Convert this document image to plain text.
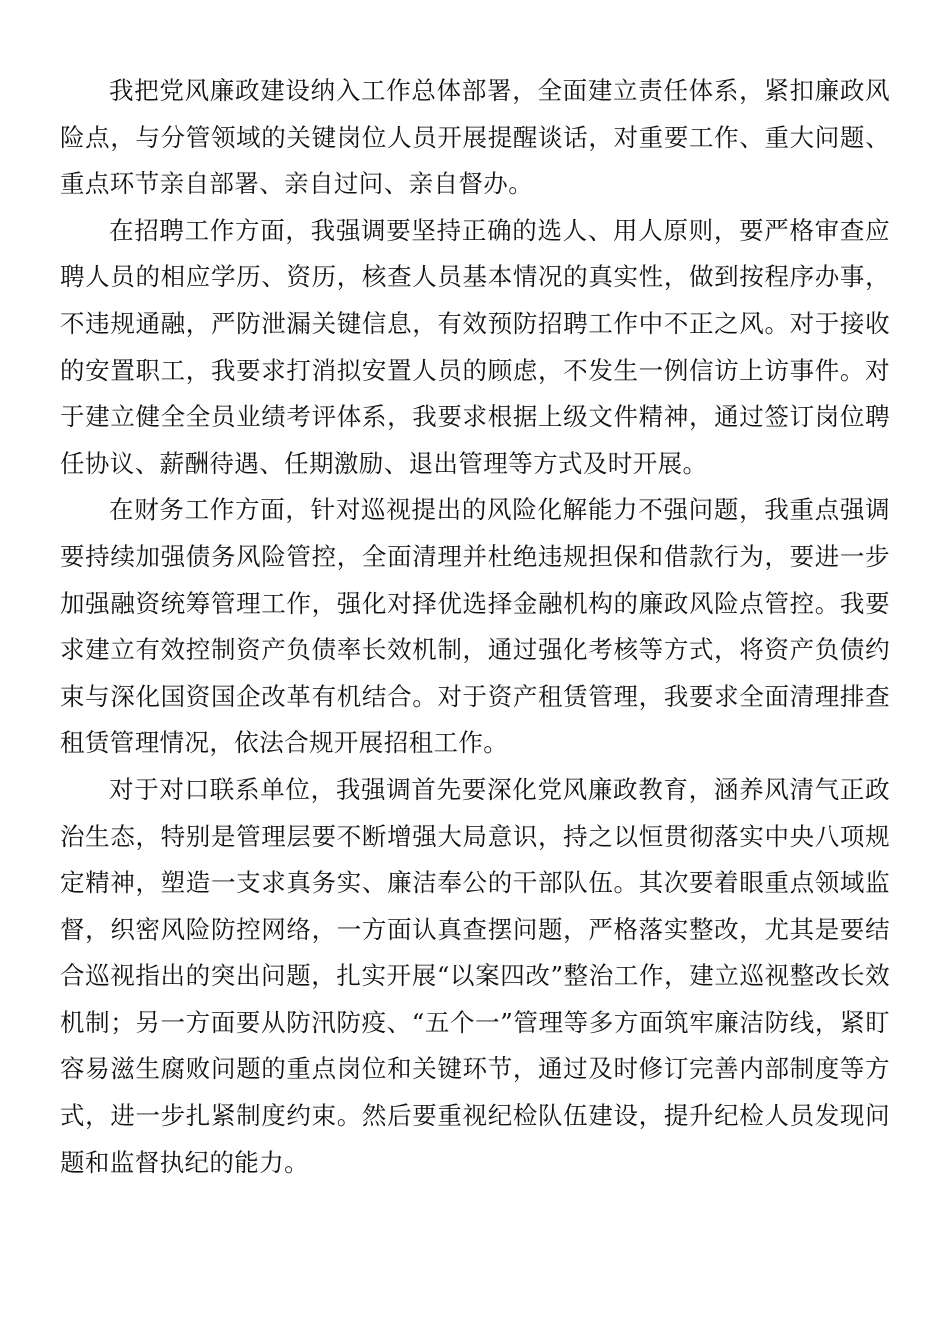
我把党风廉政建设纳入工作总体部署，全面建立责任体系，紧扣廉政风险点，与分管领域的关键岗位人员开展提醒谈话，对重要工作、重大问题、重点环节亲自部署、亲自过问、亲自督办。

在招聘工作方面，我强调要坚持正确的选人、用人原则，要严格审查应聘人员的相应学历、资历，核查人员基本情况的真实性，做到按程序办事，不违规通融，严防泄漏关键信息，有效预防招聘工作中不正之风。对于接收的安置职工，我要求打消拟安置人员的顾虑，不发生一例信访上访事件。对于建立健全全员业绩考评体系，我要求根据上级文件精神，通过签订岗位聘任协议、薪酬待遇、任期激励、退出管理等方式及时开展。

在财务工作方面，针对巡视提出的风险化解能力不强问题，我重点强调要持续加强债务风险管控，全面清理并杜绝违规担保和借款行为，要进一步加强融资统筹管理工作，强化对择优选择金融机构的廉政风险点管控。我要求建立有效控制资产负债率长效机制，通过强化考核等方式，将资产负债约束与深化国资国企改革有机结合。对于资产租赁管理，我要求全面清理排查租赁管理情况，依法合规开展招租工作。

对于对口联系单位，我强调首先要深化党风廉政教育，涵养风清气正政治生态，特别是管理层要不断增强大局意识，持之以恒贯彻落实中央八项规定精神，塑造一支求真务实、廉洁奉公的干部队伍。其次要着眼重点领域监督，织密风险防控网络，一方面认真查摆问题，严格落实整改，尤其是要结合巡视指出的突出问题，扎实开展“以案四改”整治工作，建立巡视整改长效机制；另一方面要从防汛防疫、“五个一”管理等多方面筑牢廉洁防线，紧盯容易滋生腐败问题的重点岗位和关键环节，通过及时修订完善内部制度等方式，进一步扎紧制度约束。然后要重视纪检队伍建设，提升纪检人员发现问题和监督执纪的能力。
